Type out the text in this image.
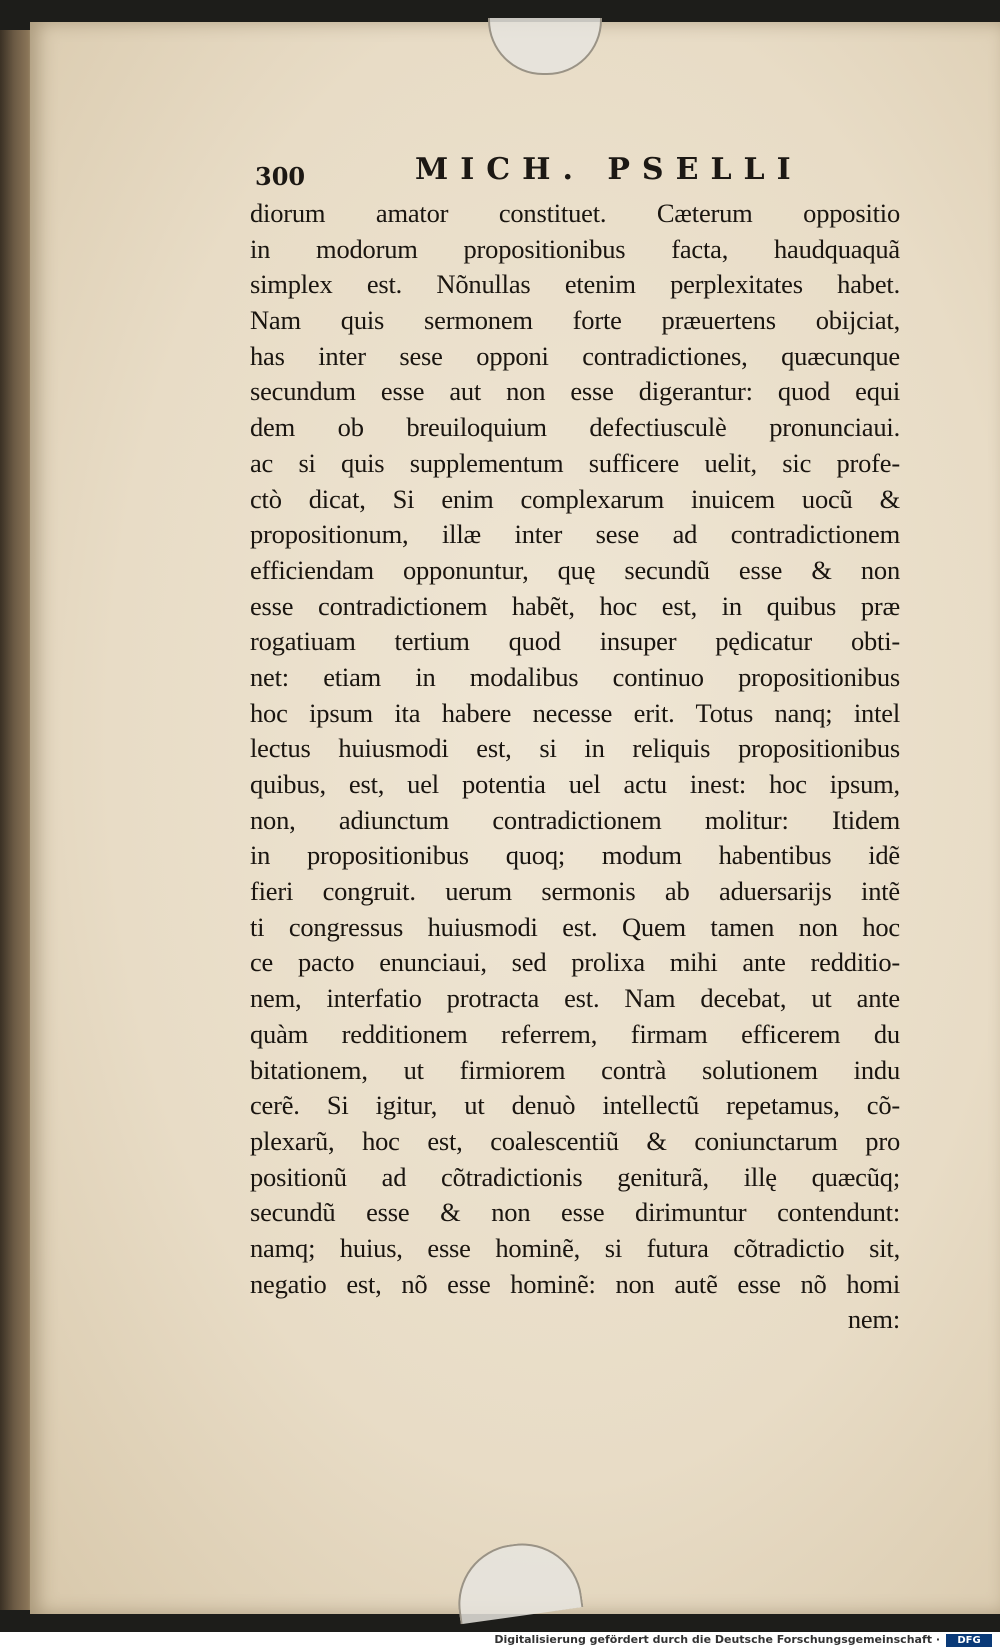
300	MICH. PSELLI
diorum amator constituet. Cæterum oppositio
in modorum propositionibus facta, haudquaquã
simplex est. Nõnullas etenim perplexitates habet.
Nam quis sermonem forte præuertens obijciat,
has inter sese opponi contradictiones, quæcunque
secundum esse aut non esse digerantur: quod equi
dem ob breuiloquium defectiusculè pronunciaui.
ac si quis supplementum sufficere uelit, sic profe-
ctò dicat, Si enim complexarum inuicem uocũ &
propositionum, illæ inter sese ad contradictionem
efficiendam opponuntur, quę secundũ esse & non
esse contradictionem habẽt, hoc est, in quibus præ
rogatiuam tertium quod insuper pędicatur obti-
net: etiam in modalibus continuo propositionibus
hoc ipsum ita habere necesse erit. Totus nanq; intel
lectus huiusmodi est, si in reliquis propositionibus
quibus, est, uel potentia uel actu inest: hoc ipsum,
non, adiunctum contradictionem molitur: Itidem
in propositionibus quoq; modum habentibus idẽ
fieri congruit. uerum sermonis ab aduersarijs intẽ
ti congressus huiusmodi est. Quem tamen non hoc
ce pacto enunciaui, sed prolixa mihi ante redditio-
nem, interfatio protracta est. Nam decebat, ut ante
quàm redditionem referrem, firmam efficerem du
bitationem, ut firmiorem contrà solutionem indu
cerẽ. Si igitur, ut denuò intellectũ repetamus, cõ-
plexarũ, hoc est, coalescentiũ & coniunctarum pro
positionũ ad cõtradictionis geniturã, illę quæcũq;
secundũ esse & non esse dirimuntur contendunt:
namq; huius, esse hominẽ, si futura cõtradictio sit,
negatio est, nõ esse hominẽ: non autẽ esse nõ homi
nem:
Digitalisierung gefördert durch die Deutsche Forschungsgemeinschaft ·	DFG
